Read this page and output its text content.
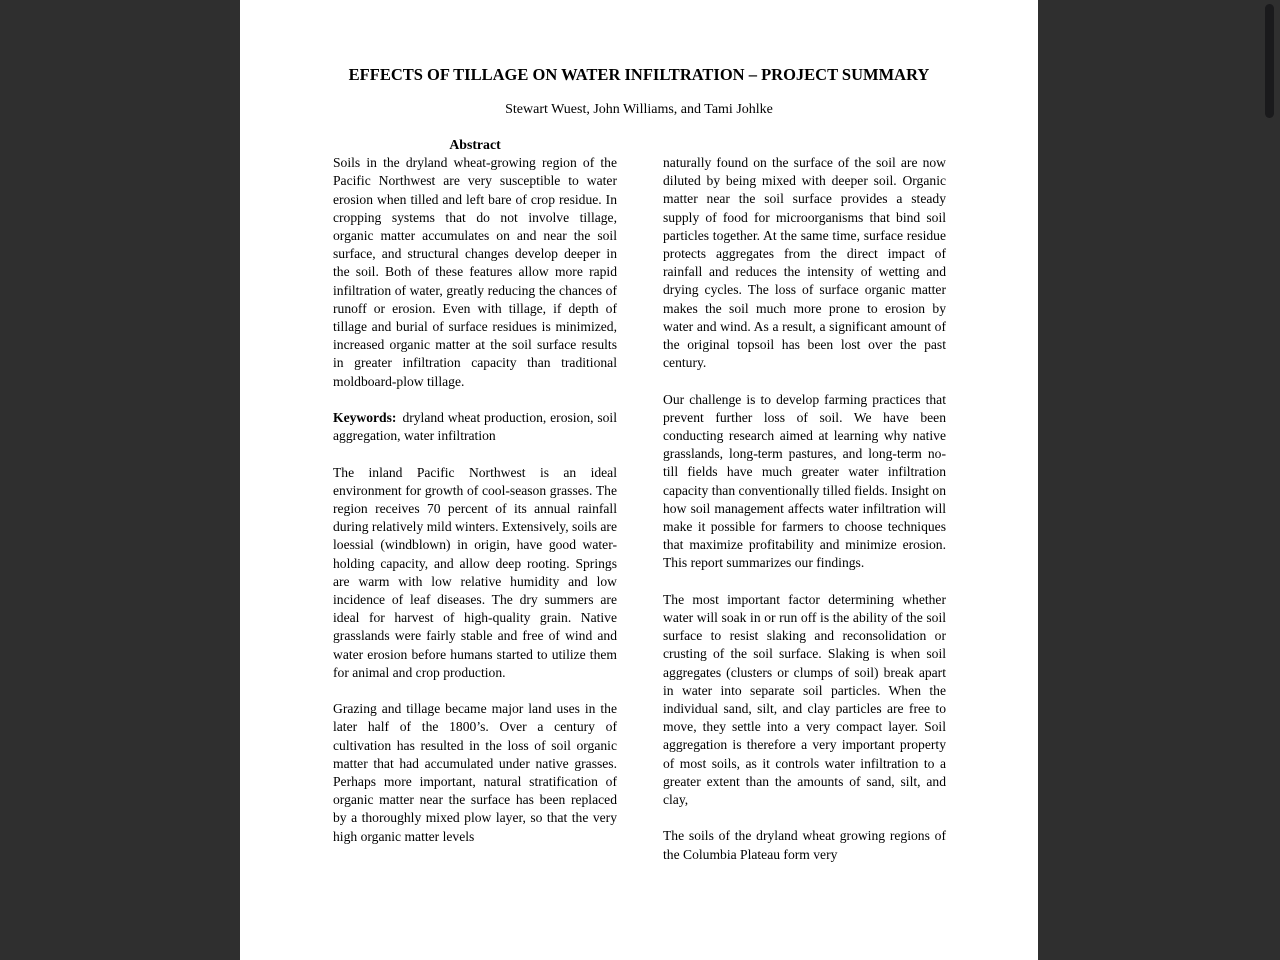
EFFECTS OF TILLAGE ON WATER INFILTRATION – PROJECT SUMMARY
Stewart Wuest, John Williams, and Tami Johlke
Abstract

Soils in the dryland wheat-growing region of the Pacific Northwest are very susceptible to water erosion when tilled and left bare of crop residue. In cropping systems that do not involve tillage, organic matter accumulates on and near the soil surface, and structural changes develop deeper in the soil. Both of these features allow more rapid infiltration of water, greatly reducing the chances of runoff or erosion. Even with tillage, if depth of tillage and burial of surface residues is minimized, increased organic matter at the soil surface results in greater infiltration capacity than traditional moldboard-plow tillage.

Keywords: dryland wheat production, erosion, soil aggregation, water infiltration

The inland Pacific Northwest is an ideal environment for growth of cool-season grasses. The region receives 70 percent of its annual rainfall during relatively mild winters. Extensively, soils are loessial (windblown) in origin, have good water-holding capacity, and allow deep rooting. Springs are warm with low relative humidity and low incidence of leaf diseases. The dry summers are ideal for harvest of high-quality grain. Native grasslands were fairly stable and free of wind and water erosion before humans started to utilize them for animal and crop production.

Grazing and tillage became major land uses in the later half of the 1800’s. Over a century of cultivation has resulted in the loss of soil organic matter that had accumulated under native grasses. Perhaps more important, natural stratification of organic matter near the surface has been replaced by a thoroughly mixed plow layer, so that the very high organic matter levels

naturally found on the surface of the soil are now diluted by being mixed with deeper soil. Organic matter near the soil surface provides a steady supply of food for microorganisms that bind soil particles together. At the same time, surface residue protects aggregates from the direct impact of rainfall and reduces the intensity of wetting and drying cycles. The loss of surface organic matter makes the soil much more prone to erosion by water and wind. As a result, a significant amount of the original topsoil has been lost over the past century.

Our challenge is to develop farming practices that prevent further loss of soil. We have been conducting research aimed at learning why native grasslands, long-term pastures, and long-term no-till fields have much greater water infiltration capacity than conventionally tilled fields. Insight on how soil management affects water infiltration will make it possible for farmers to choose techniques that maximize profitability and minimize erosion. This report summarizes our findings.

The most important factor determining whether water will soak in or run off is the ability of the soil surface to resist slaking and reconsolidation or crusting of the soil surface. Slaking is when soil aggregates (clusters or clumps of soil) break apart in water into separate soil particles. When the individual sand, silt, and clay particles are free to move, they settle into a very compact layer. Soil aggregation is therefore a very important property of most soils, as it controls water infiltration to a greater extent than the amounts of sand, silt, and clay,

The soils of the dryland wheat growing regions of the Columbia Plateau form very
